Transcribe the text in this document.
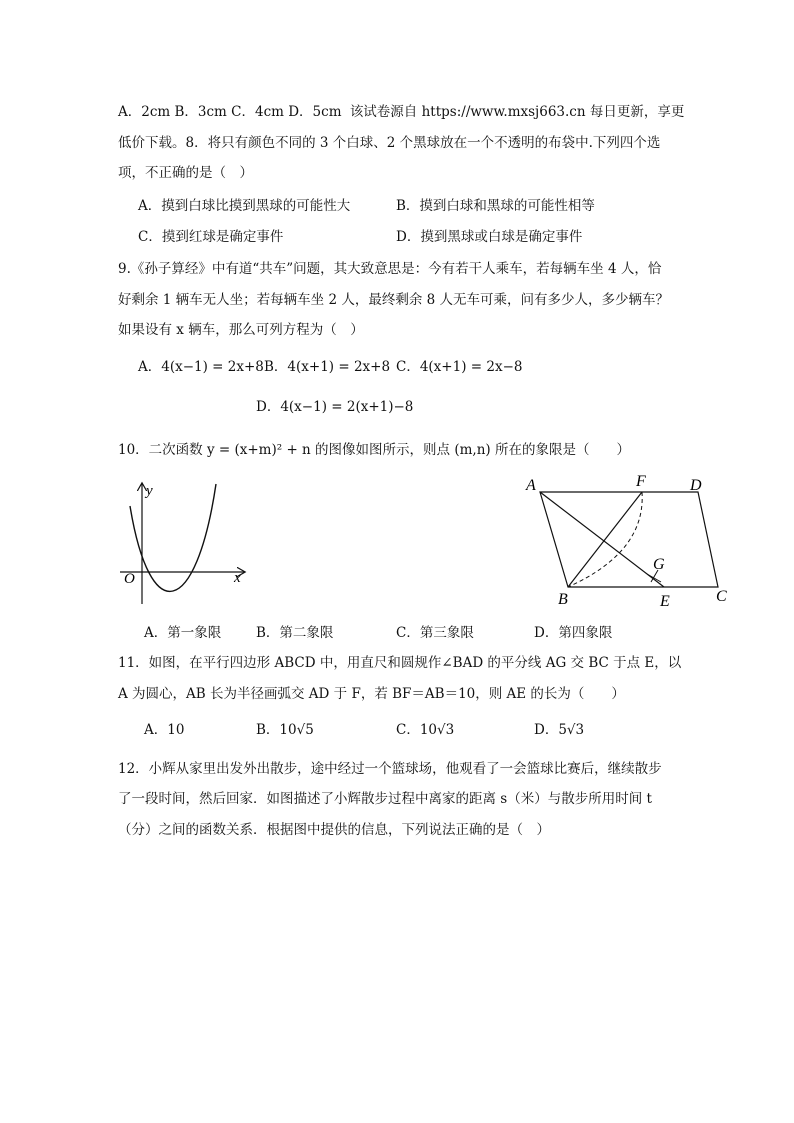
A．2cm B．3cm C．4cm D．5cm 该试卷源自 https://www.mxsj663.cn 每日更新，享更
低价下载。8．将只有颜色不同的 3 个白球、2 个黑球放在一个不透明的布袋中.下列四个选
项，不正确的是（　）
A．摸到白球比摸到黑球的可能性大	B．摸到白球和黑球的可能性相等
C．摸到红球是确定事件	D．摸到黑球或白球是确定事件
9.《孙子算经》中有道“共车”问题，其大致意思是：今有若干人乘车，若每辆车坐 4 人，恰
好剩余 1 辆车无人坐；若每辆车坐 2 人，最终剩余 8 人无车可乘，问有多少人，多少辆车？
如果设有 x 辆车，那么可列方程为（　）
A．4(x−1) = 2x+8 B．4(x+1) = 2x+8 C．4(x+1) = 2x−8
D．4(x−1) = 2(x+1)−8
10．二次函数 y = (x+m)² + n 的图像如图所示，则点 (m,n) 所在的象限是（　　）
y
x
O
A	F	D
G
B	E	C
A．第一象限	B．第二象限	C．第三象限	D．第四象限
11．如图，在平行四边形 ABCD 中，用直尺和圆规作∠BAD 的平分线 AG 交 BC 于点 E，以
A 为圆心，AB 长为半径画弧交 AD 于 F，若 BF＝AB＝10，则 AE 的长为（　　）
A．10	B．10√5	C．10√3	D．5√3
12．小辉从家里出发外出散步，途中经过一个篮球场，他观看了一会篮球比赛后，继续散步
了一段时间，然后回家．如图描述了小辉散步过程中离家的距离 s（米）与散步所用时间 t
（分）之间的函数关系．根据图中提供的信息，下列说法正确的是（　）
